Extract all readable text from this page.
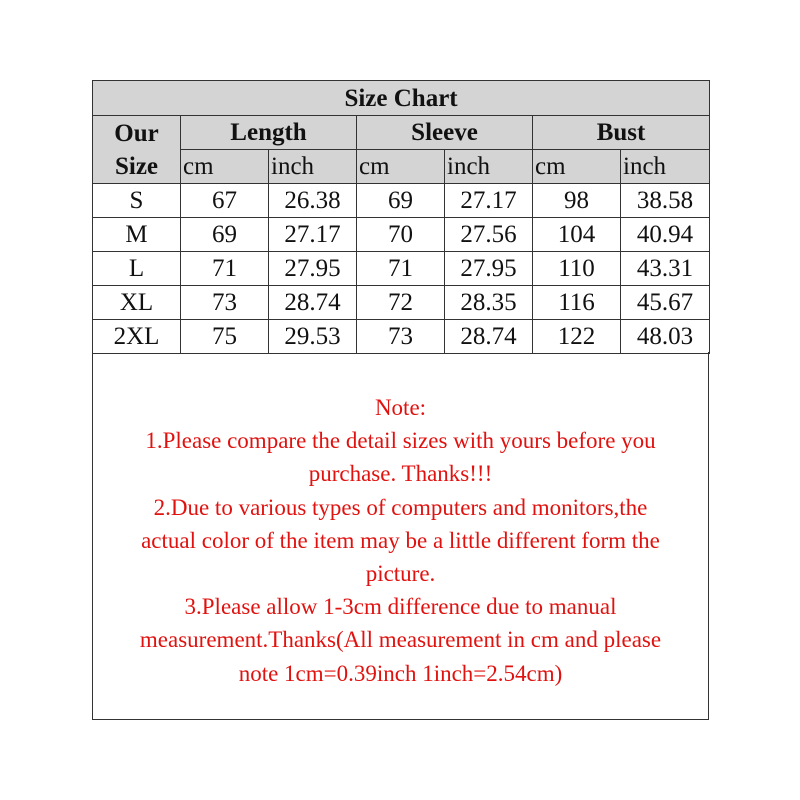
Size Chart						
Our
Size	Length		Sleeve		Bust	
	cm	inch	cm	inch	cm	inch
S	67	26.38	69	27.17	98	38.58
M	69	27.17	70	27.56	104	40.94
L	71	27.95	71	27.95	110	43.31
XL	73	28.74	72	28.35	116	45.67
2XL	75	29.53	73	28.74	122	48.03
Note:
1.Please compare the detail sizes with yours before you
purchase. Thanks!!!
2.Due to various types of computers and monitors,the
actual color of the item may be a little different form the
picture.
3.Please allow 1-3cm difference due to manual
measurement.Thanks(All measurement in cm and please
note 1cm=0.39inch 1inch=2.54cm)
